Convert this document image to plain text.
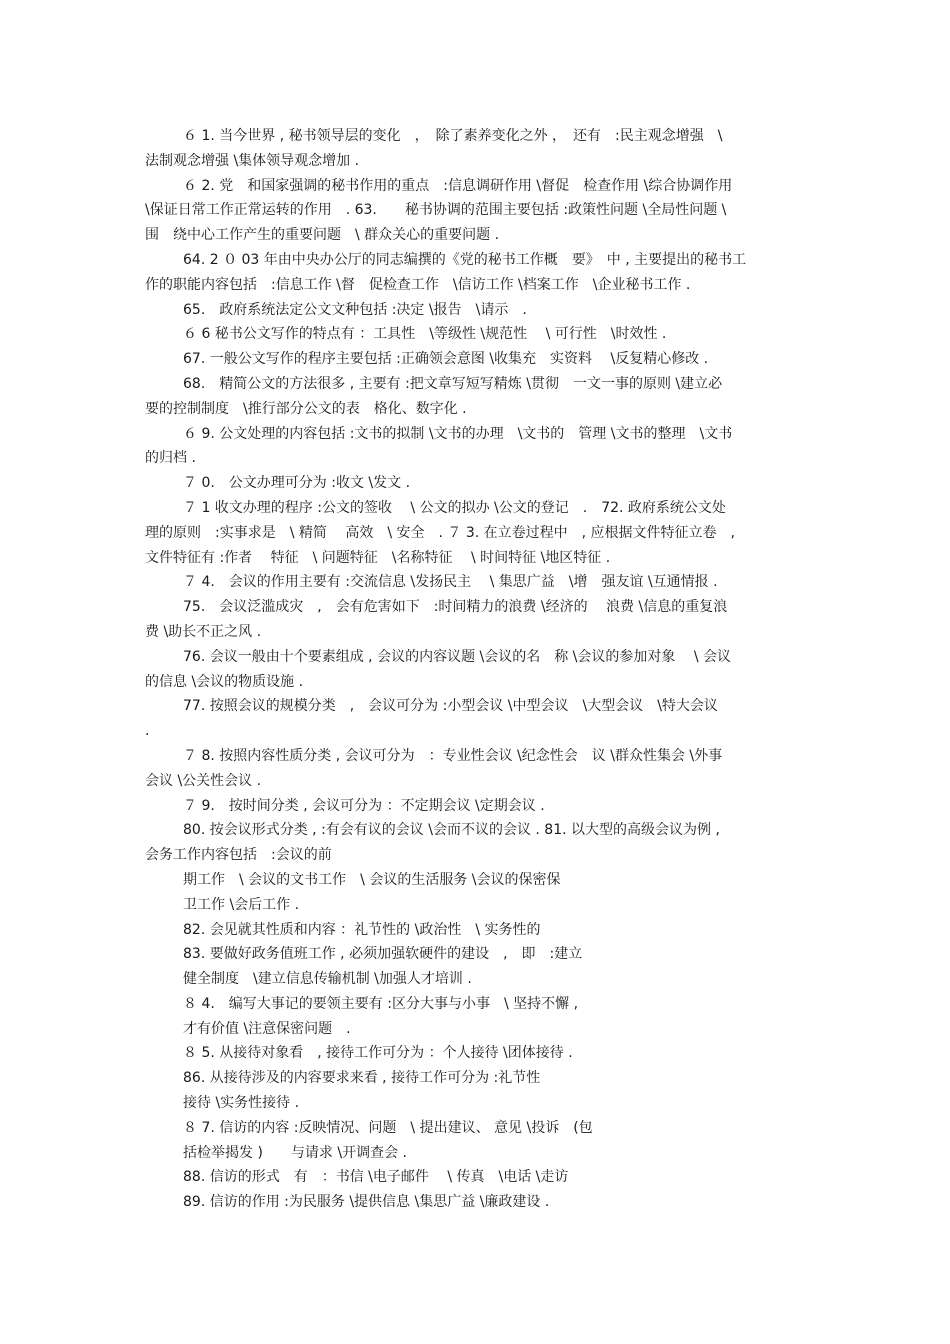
６ 1. 当今世界 , 秘书领导层的变化　，　除了素养变化之外 ，　还有　:民主观念增强　\
法制观念增强 \集体领导观念增加 .
６ 2. 党　和国家强调的秘书作用的重点　:信息调研作用 \督促　检查作用 \综合协调作用
\保证日常工作正常运转的作用　. 63.　　秘书协调的范围主要包括 :政策性问题 \全局性问题 \
围　绕中心工作产生的重要问题　\ 群众关心的重要问题 .
64. 2 ０ 03 年由中央办公厅的同志编撰的《党的秘书工作概　要》　中 , 主要提出的秘书工
作的职能内容包括　:信息工作 \督　促检查工作　\信访工作 \档案工作　\企业秘书工作 .
65.　政府系统法定公文文种包括 :决定 \报告　\请示　.
６ 6 秘书公文写作的特点有 ：工具性　\等级性 \规范性　 \ 可行性　\时效性 .
67. 一般公文写作的程序主要包括 :正确领会意图 \收集充　实资料　 \反复精心修改 .
68.　精简公文的方法很多 , 主要有 :把文章写短写精炼 \贯彻　一文一事的原则 \建立必
要的控制制度　\推行部分公文的表　格化、数字化 .
６ 9. 公文处理的内容包括 :文书的拟制 \文书的办理　\文书的　管理 \文书的整理　\文书
的归档 .
７ 0.　公文办理可分为 :收文 \发文 .
７ 1 收文办理的程序 :公文的签收　 \ 公文的拟办 \公文的登记　.　72. 政府系统公文处
理的原则　:实事求是　\ 精简　 高效　\ 安全　. ７ 3. 在立卷过程中　, 应根据文件特征立卷　,
文件特征有 :作者　 特征　\ 问题特征　\名称特征　 \ 时间特征 \地区特征 .
７ 4.　会议的作用主要有 :交流信息 \发扬民主　 \ 集思广益　\增　强友谊 \互通情报 .
75.　会议泛滥成灾　,　会有危害如下　:时间精力的浪费 \经济的　 浪费 \信息的重复浪
费 \助长不正之风 .
76. 会议一般由十个要素组成 , 会议的内容议题 \会议的名　称 \会议的参加对象　 \ 会议
的信息 \会议的物质设施 .
77. 按照会议的规模分类　,　会议可分为 :小型会议 \中型会议　\大型会议　\特大会议
.
７ 8. 按照内容性质分类 , 会议可分为　：专业性会议 \纪念性会　议 \群众性集会 \外事
会议 \公关性会议 .
７ 9.　按时间分类 , 会议可分为 ：不定期会议 \定期会议 .
80. 按会议形式分类 , :有会有议的会议 \会而不议的会议 . 81. 以大型的高级会议为例 ,
会务工作内容包括　:会议的前
期工作　\ 会议的文书工作　\ 会议的生活服务 \会议的保密保
卫工作 \会后工作 .
82. 会见就其性质和内容 ：礼节性的 \政治性　\ 实务性的
83. 要做好政务值班工作 , 必须加强软硬件的建设　,　即　:建立
健全制度　\建立信息传输机制 \加强人才培训 .
８ 4.　编写大事记的要领主要有 :区分大事与小事　\ 坚持不懈 ,
才有价值 \注意保密问题　.
８ 5. 从接待对象看　, 接待工作可分为 ：个人接待 \团体接待 .
86. 从接待涉及的内容要求来看 , 接待工作可分为 :礼节性
接待 \实务性接待 .
８ 7. 信访的内容 :反映情况、问题　\ 提出建议、 意见 \投诉　(包
括检举揭发 )　　与请求 \开调查会 .
88. 信访的形式　有　：书信 \电子邮件　 \ 传真　\电话 \走访
89. 信访的作用 :为民服务 \提供信息 \集思广益 \廉政建设 .
